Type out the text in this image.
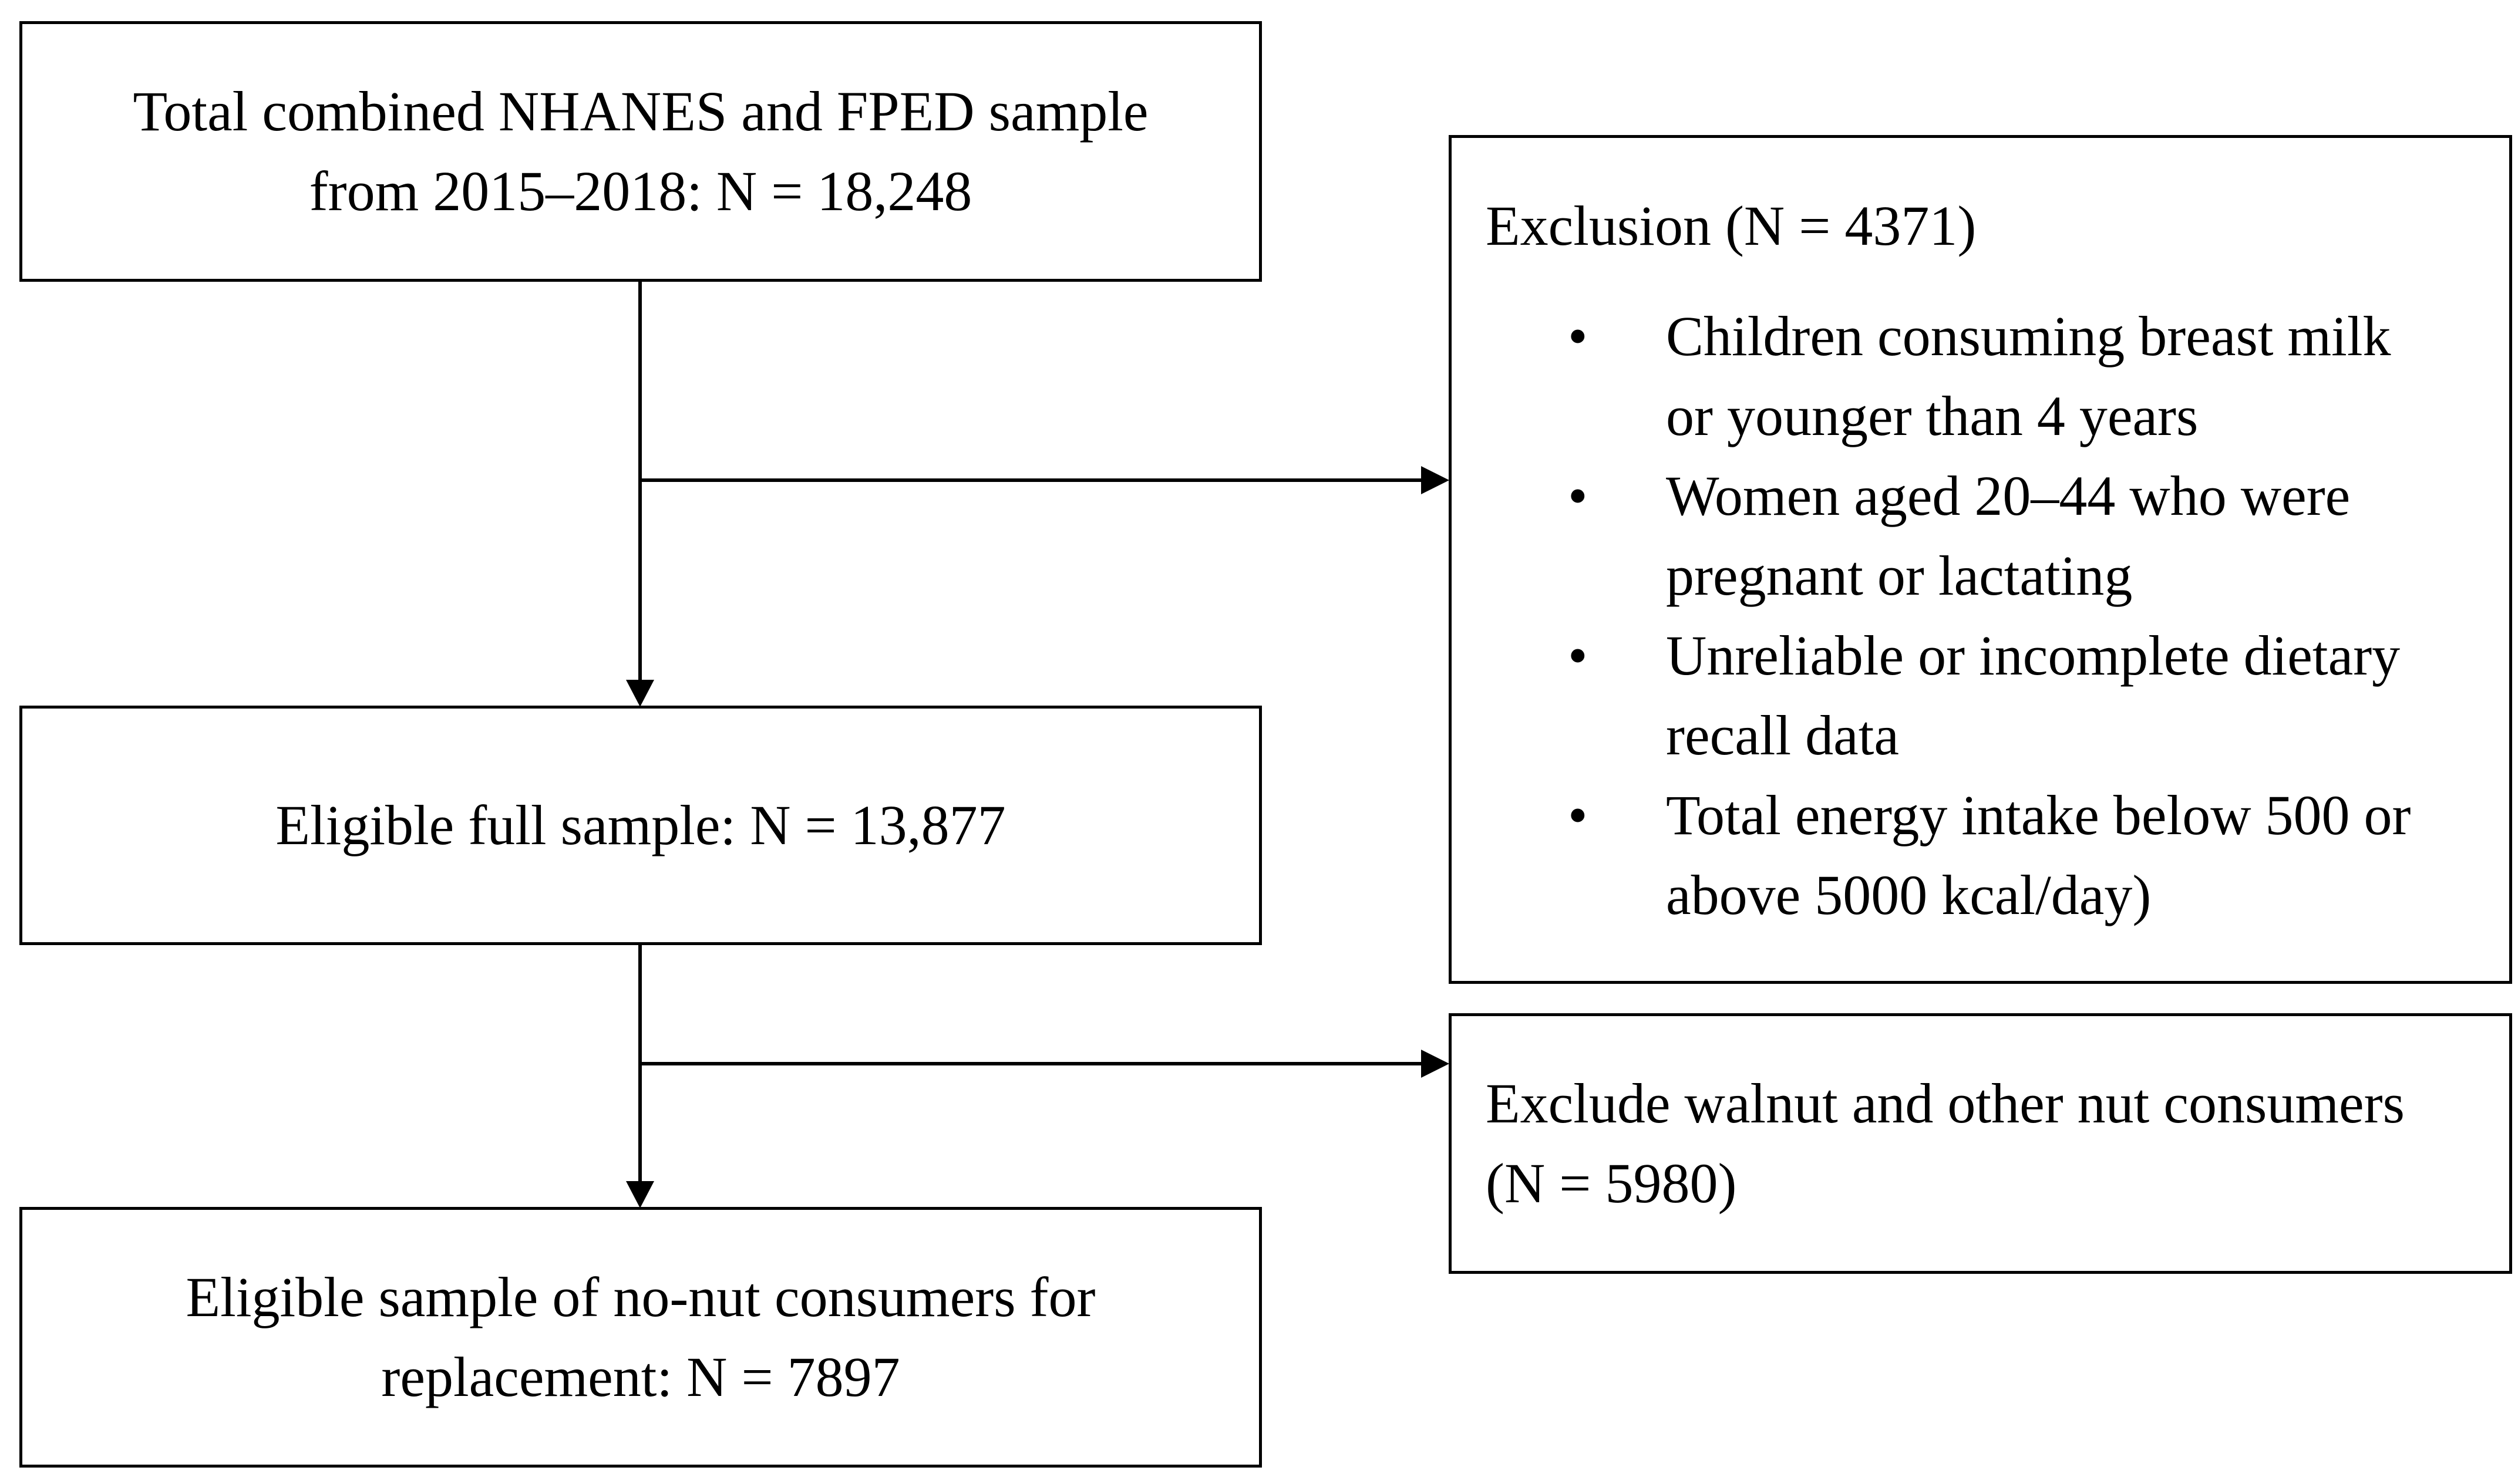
Total combined NHANES and FPED sample
from 2015–2018: N = 18,248
Eligible full sample: N = 13,877
Eligible sample of no-nut consumers for
replacement: N = 7897
Exclusion (N = 4371)
•	Children consuming breast milk
or younger than 4 years
•	Women aged 20–44 who were
pregnant or lactating
•	Unreliable or incomplete dietary
recall data
•	Total energy intake below 500 or
above 5000 kcal/day)
Exclude walnut and other nut consumers
(N = 5980)
